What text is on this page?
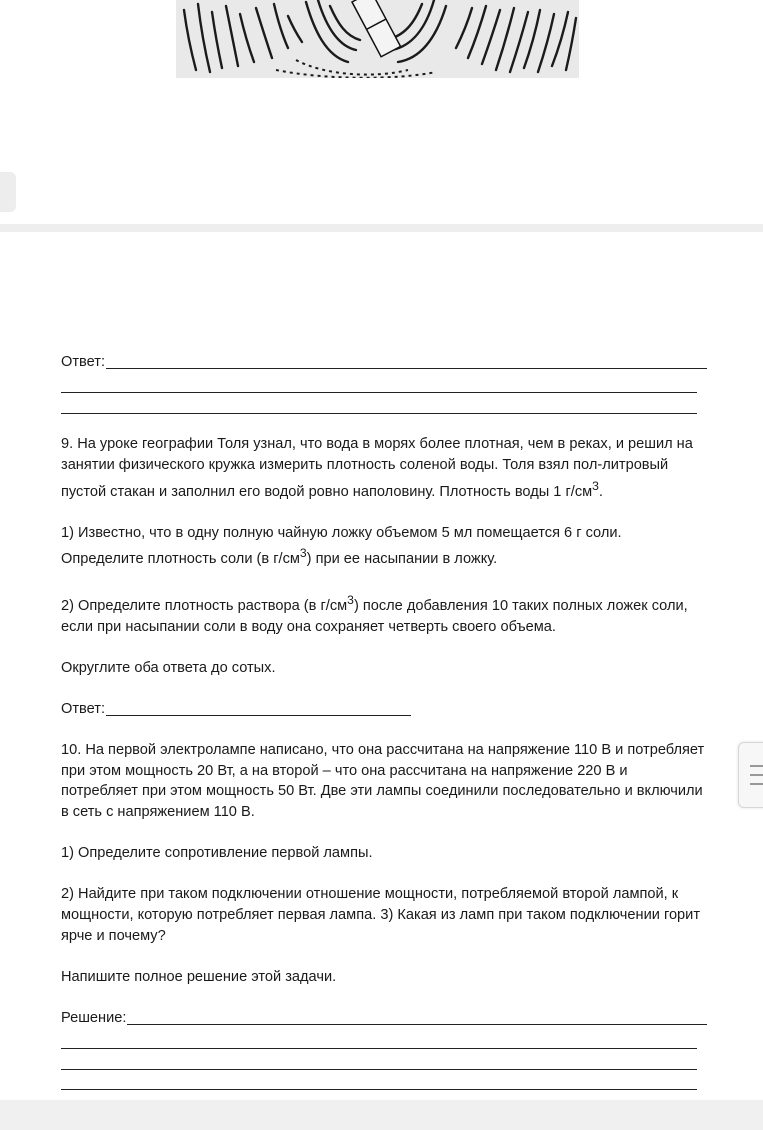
Ответ:

9. На уроке географии Толя узнал, что вода в морях более плотная, чем в реках, и решил на занятии физического кружка измерить плотность соленой воды. Толя взял пол-литровый пустой стакан и заполнил его водой ровно наполовину. Плотность воды 1 $г/см^3$.

1) Известно, что в одну полную чайную ложку объемом 5 мл помещается 6 г соли. Определите плотность соли (в $г/см^3$) при ее насыпании в ложку.

2) Определите плотность раствора (в $г/см^3$) после добавления 10 таких полных ложек соли, если при насыпании соли в воду она сохраняет четверть своего объема.

Округлите оба ответа до сотых.

Ответ:

10. На первой электролампе написано, что она рассчитана на напряжение 110 В и потребляет при этом мощность 20 Вт, а на второй – что она рассчитана на напряжение 220 В и потребляет при этом мощность 50 Вт. Две эти лампы соединили последовательно и включили в сеть с напряжением 110 В.

1) Определите сопротивление первой лампы.

2) Найдите при таком подключении отношение мощности, потребляемой второй лампой, к мощности, которую потребляет первая лампа. 3) Какая из ламп при таком подключении горит ярче и почему?

Напишите полное решение этой задачи.

Решение:
